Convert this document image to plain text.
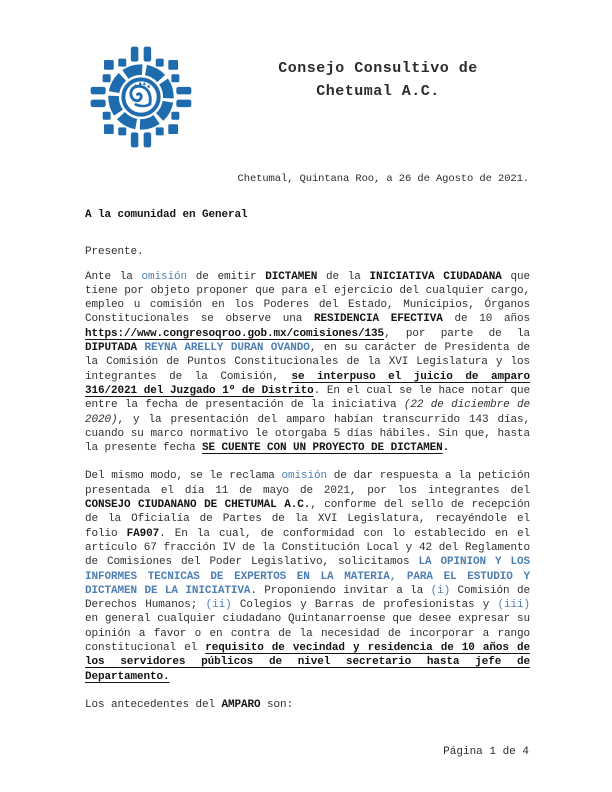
Consejo Consultivo de Chetumal A.C.
Chetumal, Quintana Roo, a 26 de Agosto de 2021.

A la comunidad en General

Presente.

Ante la omisión de emitir DICTAMEN de la INICIATIVA CIUDADANA que tiene por objeto proponer que para el ejercicio del cualquier cargo, empleo u comisión en los Poderes del Estado, Municipios, Órganos Constitucionales se observe una RESIDENCIA EFECTIVA de 10 años https://www.congresoqroo.gob.mx/comisiones/135, por parte de la DIPUTADA REYNA ARELLY DURAN OVANDO, en su carácter de Presidenta de la Comisión de Puntos Constitucionales de la XVI Legislatura y los integrantes de la Comisión, se interpuso el juicio de amparo 316/2021 del Juzgado 1º de Distrito. En el cual se le hace notar que entre la fecha de presentación de la iniciativa (22 de diciembre de 2020), y la presentación del amparo habían transcurrido 143 días, cuando su marco normativo le otorgaba 5 días hábiles. Sin que, hasta la presente fecha SE CUENTE CON UN PROYECTO DE DICTAMEN.

Del mismo modo, se le reclama omisión de dar respuesta a la petición presentada el día 11 de mayo de 2021, por los integrantes del CONSEJO CIUDANANO DE CHETUMAL A.C., conforme del sello de recepción de la Oficialía de Partes de la XVI Legislatura, recayéndole el folio FA907. En la cual, de conformidad con lo establecido en el artículo 67 fracción IV de la Constitución Local y 42 del Reglamento de Comisiones del Poder Legislativo, solicitamos LA OPINION Y LOS INFORMES TECNICAS DE EXPERTOS EN LA MATERIA, PARA EL ESTUDIO Y DICTAMEN DE LA INICIATIVA. Proponiendo invitar a la (i) Comisión de Derechos Humanos; (ii) Colegios y Barras de profesionistas y (iii) en general cualquier ciudadano Quintanarroense que desee expresar su opinión a favor o en contra de la necesidad de incorporar a rango constitucional el requisito de vecindad y residencia de 10 años de los servidores públicos de nivel secretario hasta jefe de Departamento.

Los antecedentes del AMPARO son:

Página 1 de 4
